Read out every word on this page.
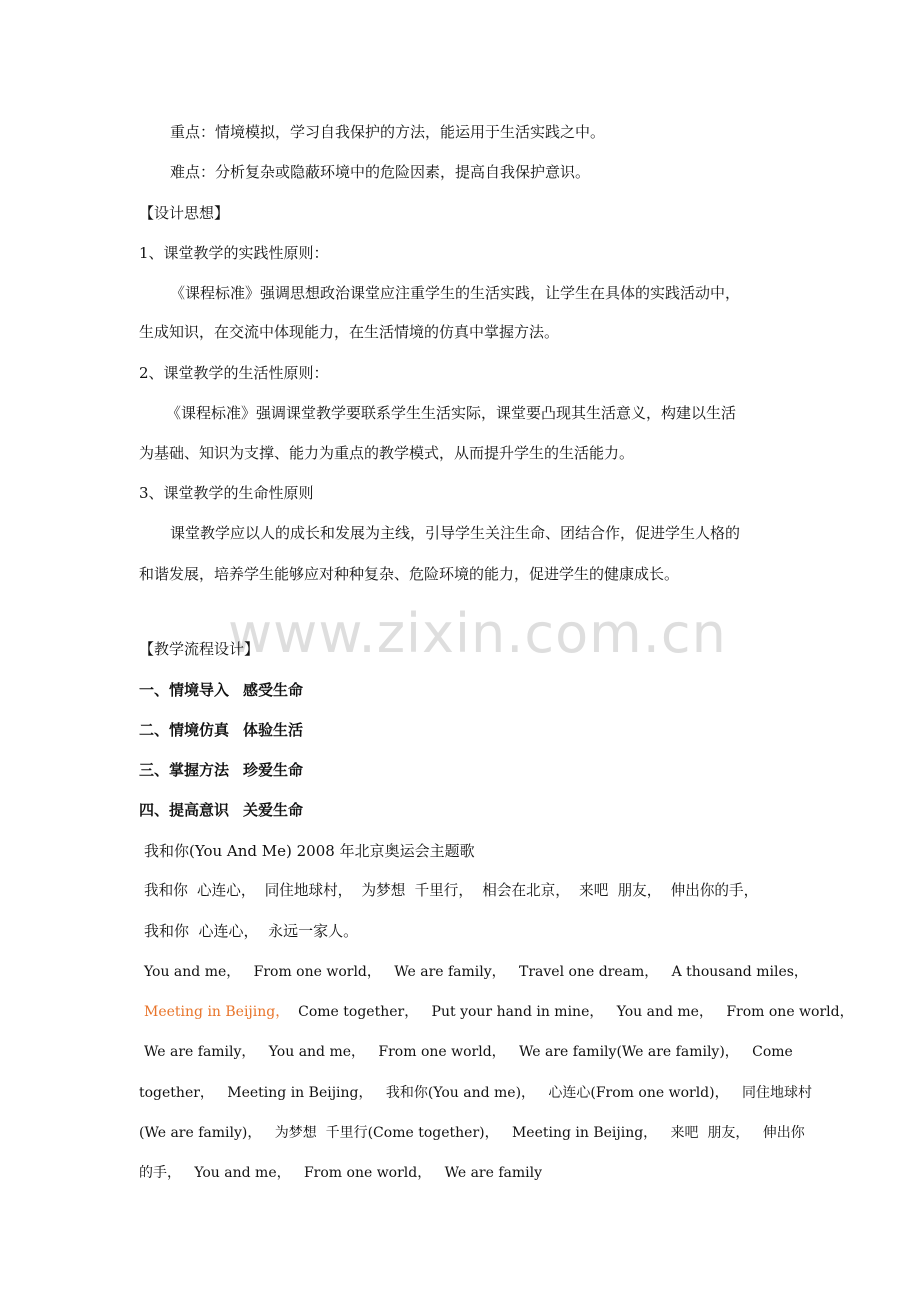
重点：情境模拟，学习自我保护的方法，能运用于生活实践之中。
难点：分析复杂或隐蔽环境中的危险因素，提高自我保护意识。
【设计思想】
1、课堂教学的实践性原则：
《课程标准》强调思想政治课堂应注重学生的生活实践，让学生在具体的实践活动中，
生成知识，在交流中体现能力，在生活情境的仿真中掌握方法。
2、课堂教学的生活性原则：
《课程标准》强调课堂教学要联系学生生活实际，课堂要凸现其生活意义，构建以生活
为基础、知识为支撑、能力为重点的教学模式，从而提升学生的生活能力。
3、课堂教学的生命性原则
课堂教学应以人的成长和发展为主线，引导学生关注生命、团结合作，促进学生人格的
和谐发展，培养学生能够应对种种复杂、危险环境的能力，促进学生的健康成长。
www.zixin.com.cn
【教学流程设计】
一、情境导入 感受生命
二、情境仿真 体验生活
三、掌握方法 珍爱生命
四、提高意识 关爱生命
我和你(You And Me) 2008 年北京奥运会主题歌
我和你  心连心，  同住地球村，  为梦想  千里行，  相会在北京，  来吧  朋友，  伸出你的手，
我和你  心连心，  永远一家人。
You and me，   From one world，   We are family，   Travel one dream，   A thousand miles，
Meeting in Beijing，  Come together，   Put your hand in mine，   You and me，   From one world，
We are family，   You and me，   From one world，   We are family(We are family)，   Come
together，   Meeting in Beijing，   我和你(You and me)，   心连心(From one world)，   同住地球村
(We are family)，   为梦想  千里行(Come together)，   Meeting in Beijing，   来吧  朋友，   伸出你
的手，   You and me，   From one world，   We are family
